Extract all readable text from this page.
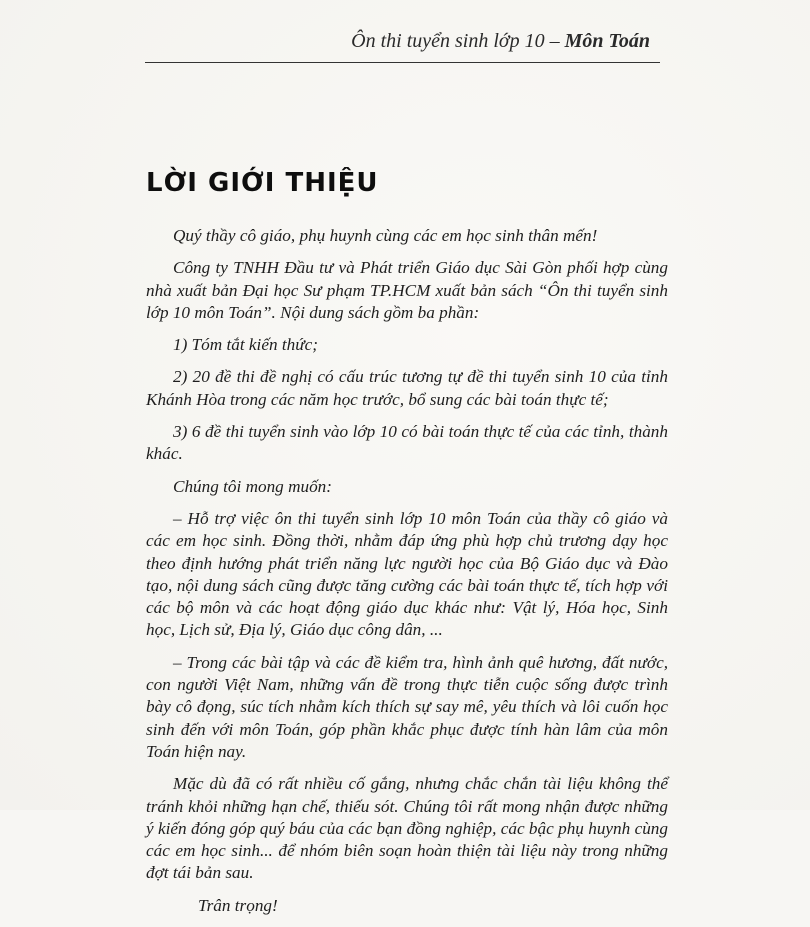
Ôn thi tuyển sinh lớp 10 – Môn Toán
LỜI GIỚI THIỆU

Quý thầy cô giáo, phụ huynh cùng các em học sinh thân mến!

Công ty TNHH Đầu tư và Phát triển Giáo dục Sài Gòn phối hợp cùng nhà xuất bản Đại học Sư phạm TP.HCM xuất bản sách “Ôn thi tuyển sinh lớp 10 môn Toán”. Nội dung sách gồm ba phần:

1) Tóm tắt kiến thức;

2) 20 đề thi đề nghị có cấu trúc tương tự đề thi tuyển sinh 10 của tỉnh Khánh Hòa trong các năm học trước, bổ sung các bài toán thực tế;

3) 6 đề thi tuyển sinh vào lớp 10 có bài toán thực tế của các tỉnh, thành khác.

Chúng tôi mong muốn:

– Hỗ trợ việc ôn thi tuyển sinh lớp 10 môn Toán của thầy cô giáo và các em học sinh. Đồng thời, nhằm đáp ứng phù hợp chủ trương dạy học theo định hướng phát triển năng lực người học của Bộ Giáo dục và Đào tạo, nội dung sách cũng được tăng cường các bài toán thực tế, tích hợp với các bộ môn và các hoạt động giáo dục khác như: Vật lý, Hóa học, Sinh học, Lịch sử, Địa lý, Giáo dục công dân, ...

– Trong các bài tập và các đề kiểm tra, hình ảnh quê hương, đất nước, con người Việt Nam, những vấn đề trong thực tiễn cuộc sống được trình bày cô đọng, súc tích nhằm kích thích sự say mê, yêu thích và lôi cuốn học sinh đến với môn Toán, góp phần khắc phục được tính hàn lâm của môn Toán hiện nay.

Mặc dù đã có rất nhiều cố gắng, nhưng chắc chắn tài liệu không thể tránh khỏi những hạn chế, thiếu sót. Chúng tôi rất mong nhận được những ý kiến đóng góp quý báu của các bạn đồng nghiệp, các bậc phụ huynh cùng các em học sinh... để nhóm biên soạn hoàn thiện tài liệu này trong những đợt tái bản sau.

Trân trọng!
